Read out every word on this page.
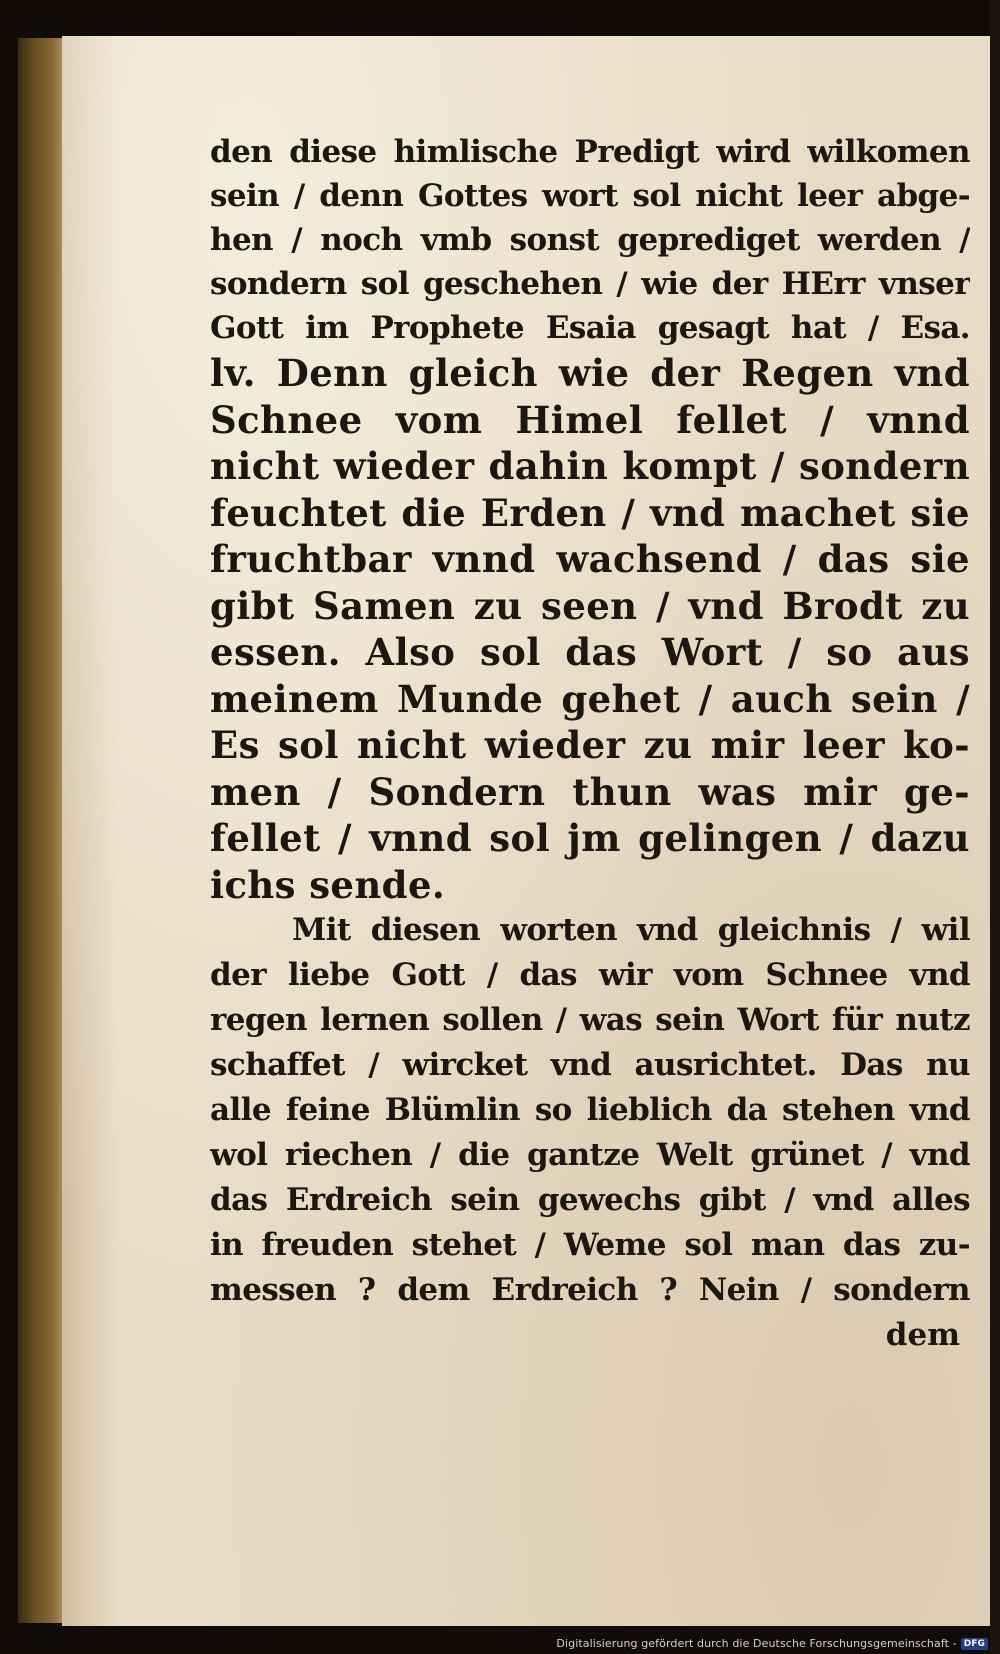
den diese himlische Predigt wird wilkomen
sein / denn Gottes wort sol nicht leer abge-
hen / noch vmb sonst geprediget werden /
sondern sol geschehen / wie der HErr vnser
Gott im Prophete Esaia gesagt hat / Esa.
lv. Denn gleich wie der Regen vnd
Schnee vom Himel fellet / vnnd
nicht wieder dahin kompt / sondern
feuchtet die Erden / vnd machet sie
fruchtbar vnnd wachsend / das sie
gibt Samen zu seen / vnd Brodt zu
essen. Also sol das Wort / so aus
meinem Munde gehet / auch sein /
Es sol nicht wieder zu mir leer ko-
men / Sondern thun was mir ge-
fellet / vnnd sol jm gelingen / dazu
ichs sende.
Mit diesen worten vnd gleichnis / wil
der liebe Gott / das wir vom Schnee vnd
regen lernen sollen / was sein Wort für nutz
schaffet / wircket vnd ausrichtet. Das nu
alle feine Blümlin so lieblich da stehen vnd
wol riechen / die gantze Welt grünet / vnd
das Erdreich sein gewechs gibt / vnd alles
in freuden stehet / Weme sol man das zu-
messen ? dem Erdreich ? Nein / sondern
dem
Digitalisierung gefördert durch die Deutsche Forschungsgemeinschaft - DFG
